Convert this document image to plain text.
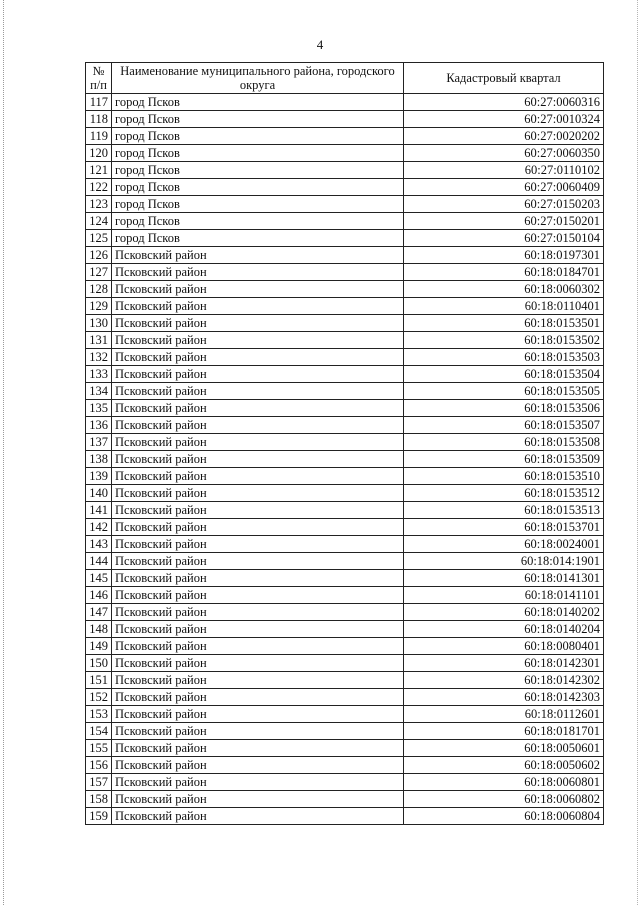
4
№ п/п	Наименование муниципального района, городского округа	Кадастровый квартал
117	город Псков	60:27:0060316
118	город Псков	60:27:0010324
119	город Псков	60:27:0020202
120	город Псков	60:27:0060350
121	город Псков	60:27:0110102
122	город Псков	60:27:0060409
123	город Псков	60:27:0150203
124	город Псков	60:27:0150201
125	город Псков	60:27:0150104
126	Псковский район	60:18:0197301
127	Псковский район	60:18:0184701
128	Псковский район	60:18:0060302
129	Псковский район	60:18:0110401
130	Псковский район	60:18:0153501
131	Псковский район	60:18:0153502
132	Псковский район	60:18:0153503
133	Псковский район	60:18:0153504
134	Псковский район	60:18:0153505
135	Псковский район	60:18:0153506
136	Псковский район	60:18:0153507
137	Псковский район	60:18:0153508
138	Псковский район	60:18:0153509
139	Псковский район	60:18:0153510
140	Псковский район	60:18:0153512
141	Псковский район	60:18:0153513
142	Псковский район	60:18:0153701
143	Псковский район	60:18:0024001
144	Псковский район	60:18:014:1901
145	Псковский район	60:18:0141301
146	Псковский район	60:18:0141101
147	Псковский район	60:18:0140202
148	Псковский район	60:18:0140204
149	Псковский район	60:18:0080401
150	Псковский район	60:18:0142301
151	Псковский район	60:18:0142302
152	Псковский район	60:18:0142303
153	Псковский район	60:18:0112601
154	Псковский район	60:18:0181701
155	Псковский район	60:18:0050601
156	Псковский район	60:18:0050602
157	Псковский район	60:18:0060801
158	Псковский район	60:18:0060802
159	Псковский район	60:18:0060804
